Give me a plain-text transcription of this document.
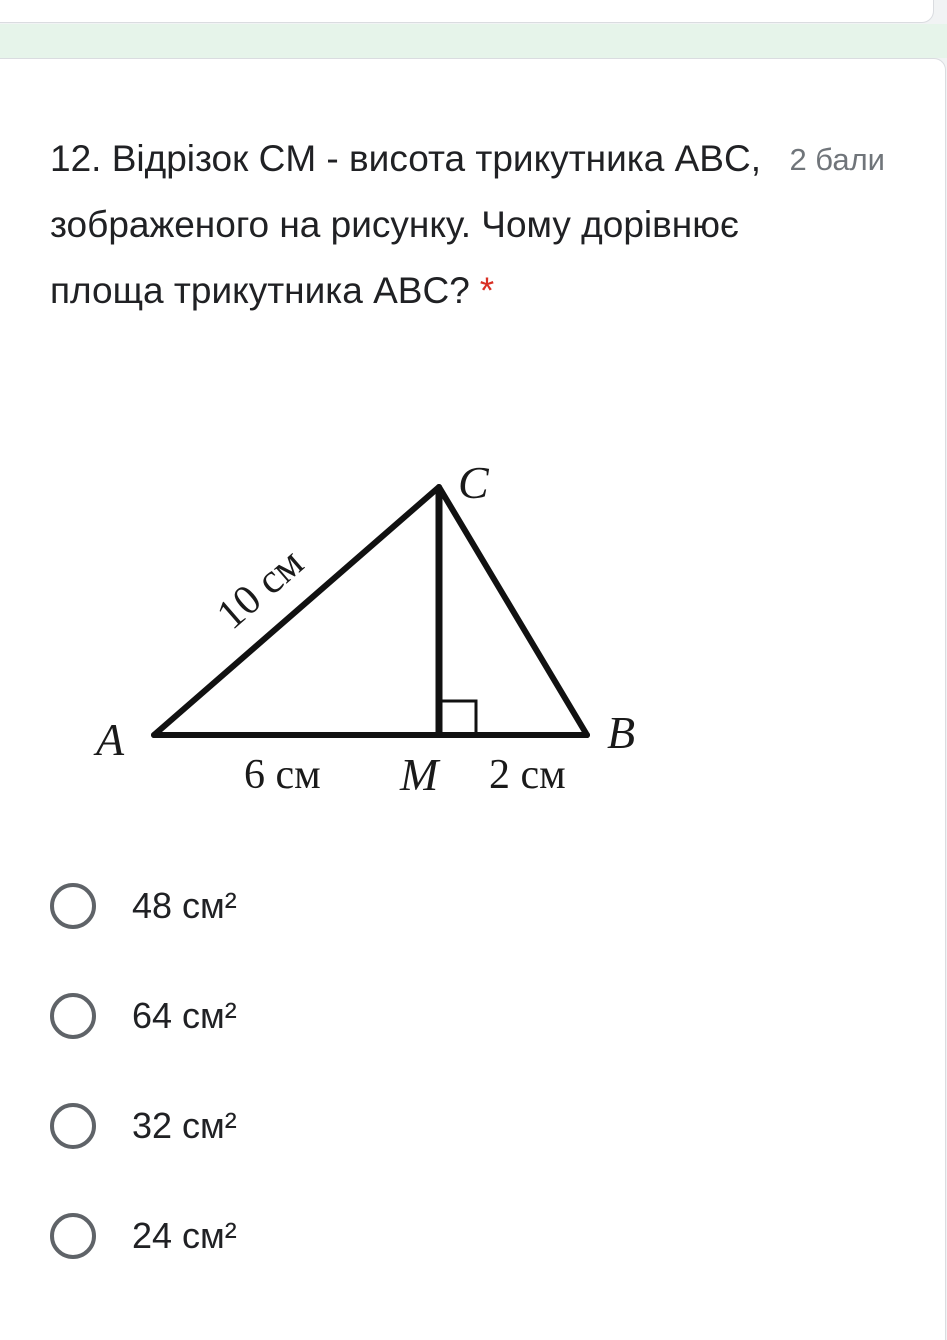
12. Відрізок CM - висота трикутника ABC, зображеного на рисунку. Чому дорівнює площа трикутника ABC? *
2 бали
A	B
C
M
6 см	2 см
10 см
48 см²
64 см²
32 см²
24 см²
